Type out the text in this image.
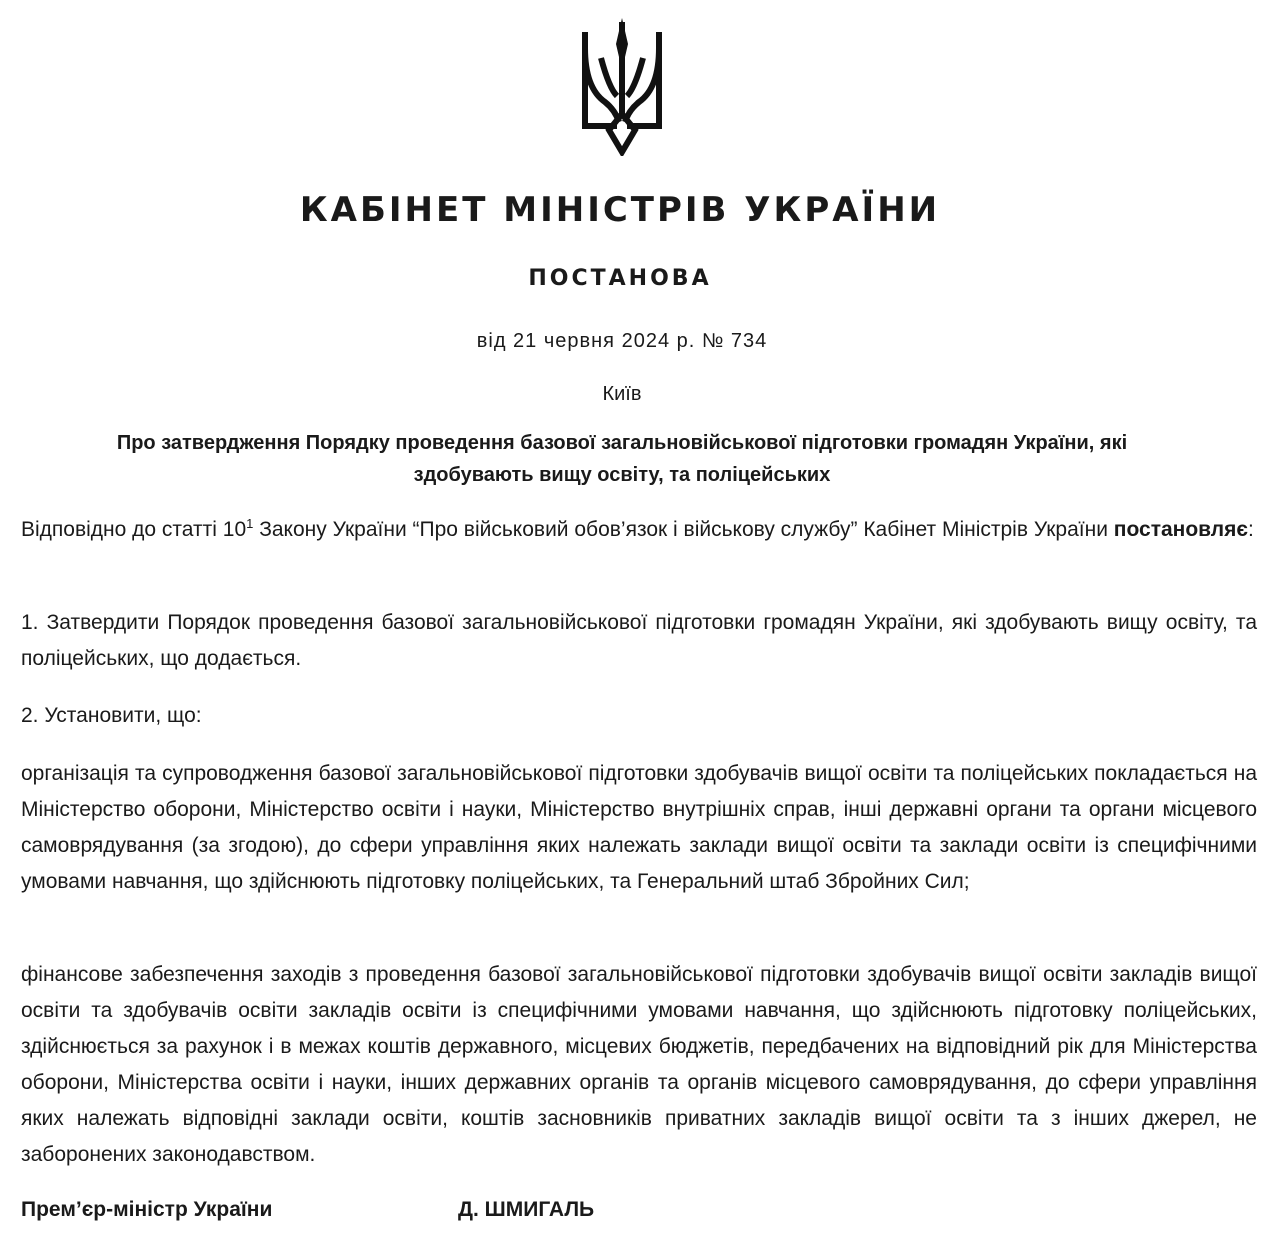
КАБІНЕТ МІНІСТРІВ УКРАЇНИ
ПОСТАНОВА
від 21 червня 2024 р. № 734
Київ
Про затвердження Порядку проведення базової загальновійськової підготовки громадян України, які
здобувають вищу освіту, та поліцейських

Відповідно до статті $10^1$ Закону України “Про військовий обов’язок і військову службу” Кабінет Міністрів України постановляє:

1. Затвердити Порядок проведення базової загальновійськової підготовки громадян України, які здобувають вищу освіту, та поліцейських, що додається.

2. Установити, що:

організація та супроводження базової загальновійськової підготовки здобувачів вищої освіти та поліцейських покладається на Міністерство оборони, Міністерство освіти і науки, Міністерство внутрішніх справ, інші державні органи та органи місцевого самоврядування (за згодою), до сфери управління яких належать заклади вищої освіти та заклади освіти із специфічними умовами навчання, що здійснюють підготовку поліцейських, та Генеральний штаб Збройних Сил;

фінансове забезпечення заходів з проведення базової загальновійськової підготовки здобувачів вищої освіти закладів вищої освіти та здобувачів освіти закладів освіти із специфічними умовами навчання, що здійснюють підготовку поліцейських, здійснюється за рахунок і в межах коштів державного, місцевих бюджетів, передбачених на відповідний рік для Міністерства оборони, Міністерства освіти і науки, інших державних органів та органів місцевого самоврядування, до сфери управління яких належать відповідні заклади освіти, коштів засновників приватних закладів вищої освіти та з інших джерел, не заборонених законодавством.

Прем’єр-міністр України	Д. ШМИГАЛЬ
